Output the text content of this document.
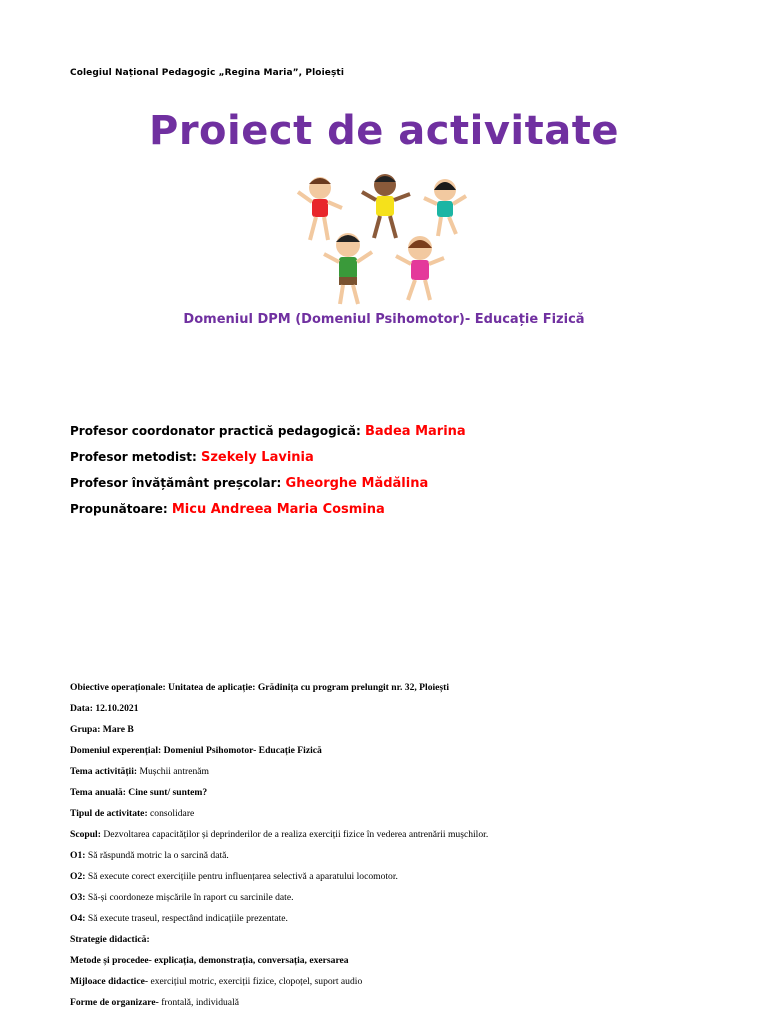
Colegiul Național Pedagogic „Regina Maria”, Ploiești
Proiect de activitate
Domeniul DPM (Domeniul Psihomotor)- Educație Fizică
Profesor coordonator practică pedagogică: Badea Marina
Profesor metodist: Szekely Lavinia
Profesor învățământ preșcolar: Gheorghe Mădălina
Propunătoare: Micu Andreea Maria Cosmina
Obiective operaționale: Unitatea de aplicație: Grădinița cu program prelungit nr. 32, Ploiești
Data: 12.10.2021
Grupa: Mare B
Domeniul experențial: Domeniul Psihomotor- Educație Fizică
Tema activității: Mușchii antrenăm
Tema anuală: Cine sunt/ suntem?
Tipul de activitate: consolidare
Scopul: Dezvoltarea capacităților și deprinderilor de a realiza exerciții fizice în vederea antrenării mușchilor.
O1: Să răspundă motric la o sarcină dată.
O2: Să execute corect exercițiile pentru influențarea selectivă a aparatului locomotor.
O3: Să-și coordoneze mișcările în raport cu sarcinile date.
O4: Să execute traseul, respectând indicațiile prezentate.
Strategie didactică:
Metode și procedee- explicația, demonstrația, conversația, exersarea
Mijloace didactice- exercițiul motric, exerciții fizice, clopoțel, suport audio
Forme de organizare- frontală, individuală
